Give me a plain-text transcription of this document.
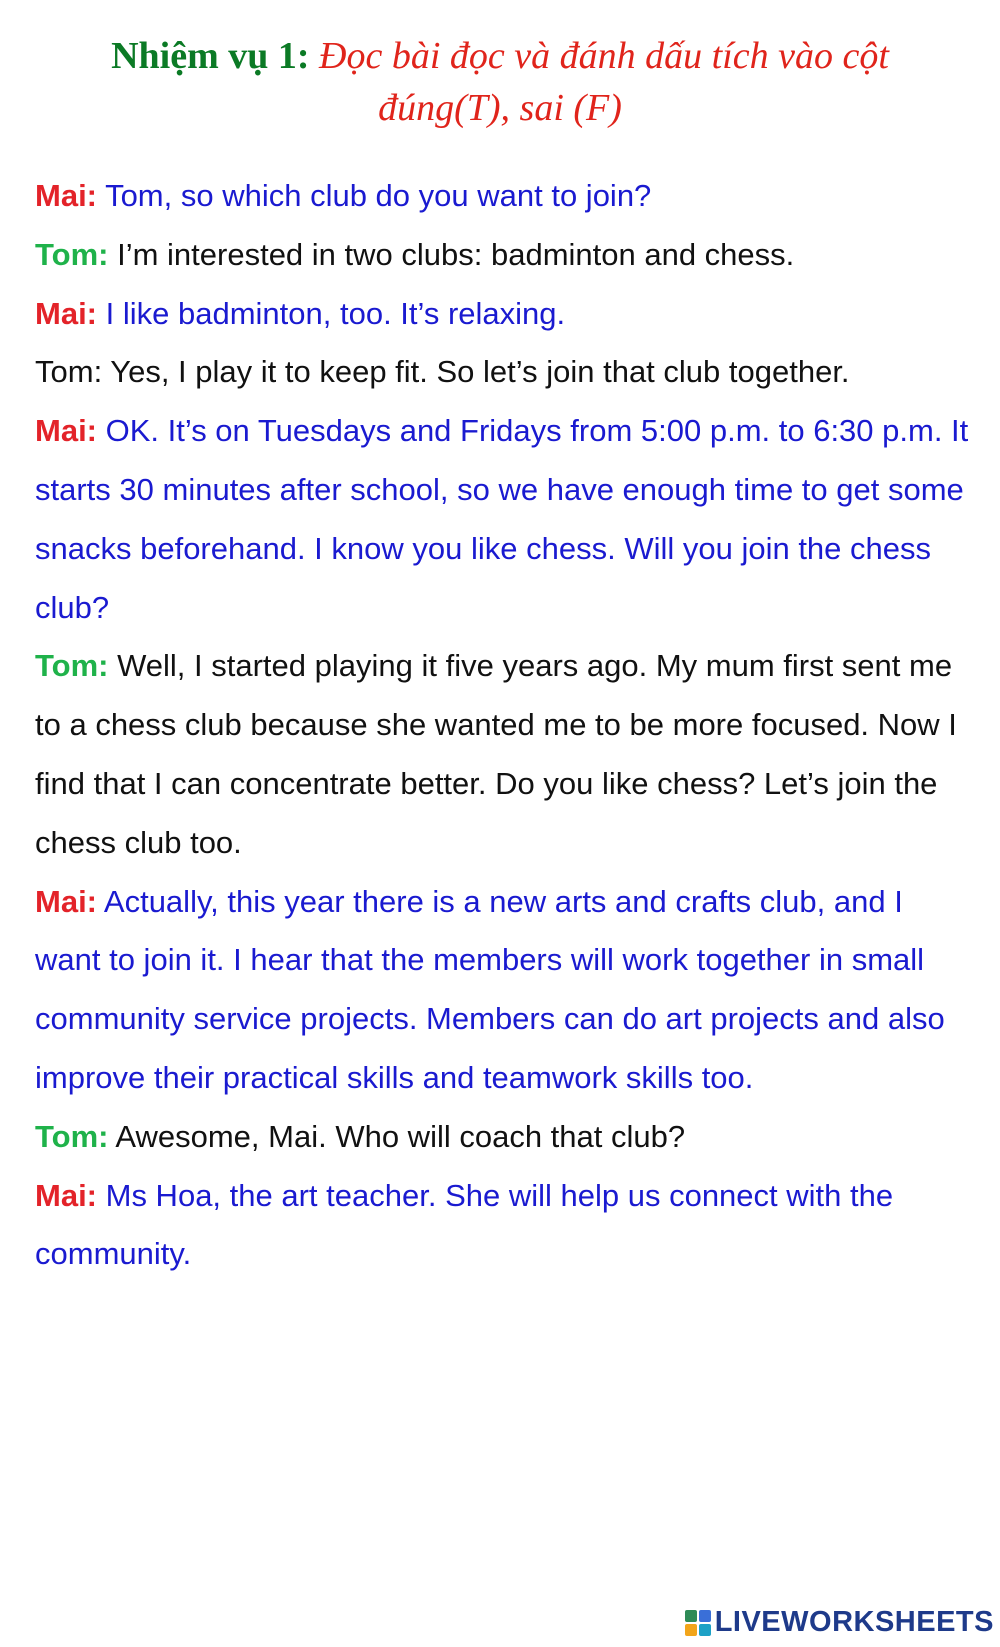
Nhiệm vụ 1: Đọc bài đọc và đánh dấu tích vào cột đúng(T), sai (F)

Mai: Tom, so which club do you want to join?

Tom: I’m interested in two clubs: badminton and chess.

Mai: I like badminton, too. It’s relaxing.

Tom: Yes, I play it to keep fit. So let’s join that club together.

Mai: OK. It’s on Tuesdays and Fridays from 5:00 p.m. to 6:30 p.m. It starts 30 minutes after school, so we have enough time to get some snacks beforehand. I know you like chess. Will you join the chess club?

Tom: Well, I started playing it five years ago. My mum first sent me to a chess club because she wanted me to be more focused. Now I find that I can concentrate better. Do you like chess? Let’s join the chess club too.

Mai: Actually, this year there is a new arts and crafts club, and I want to join it. I hear that the members will work together in small community service projects. Members can do art projects and also improve their practical skills and teamwork skills too.

Tom: Awesome, Mai. Who will coach that club?

Mai: Ms Hoa, the art teacher. She will help us connect with the community.

LIVEWORKSHEETS
